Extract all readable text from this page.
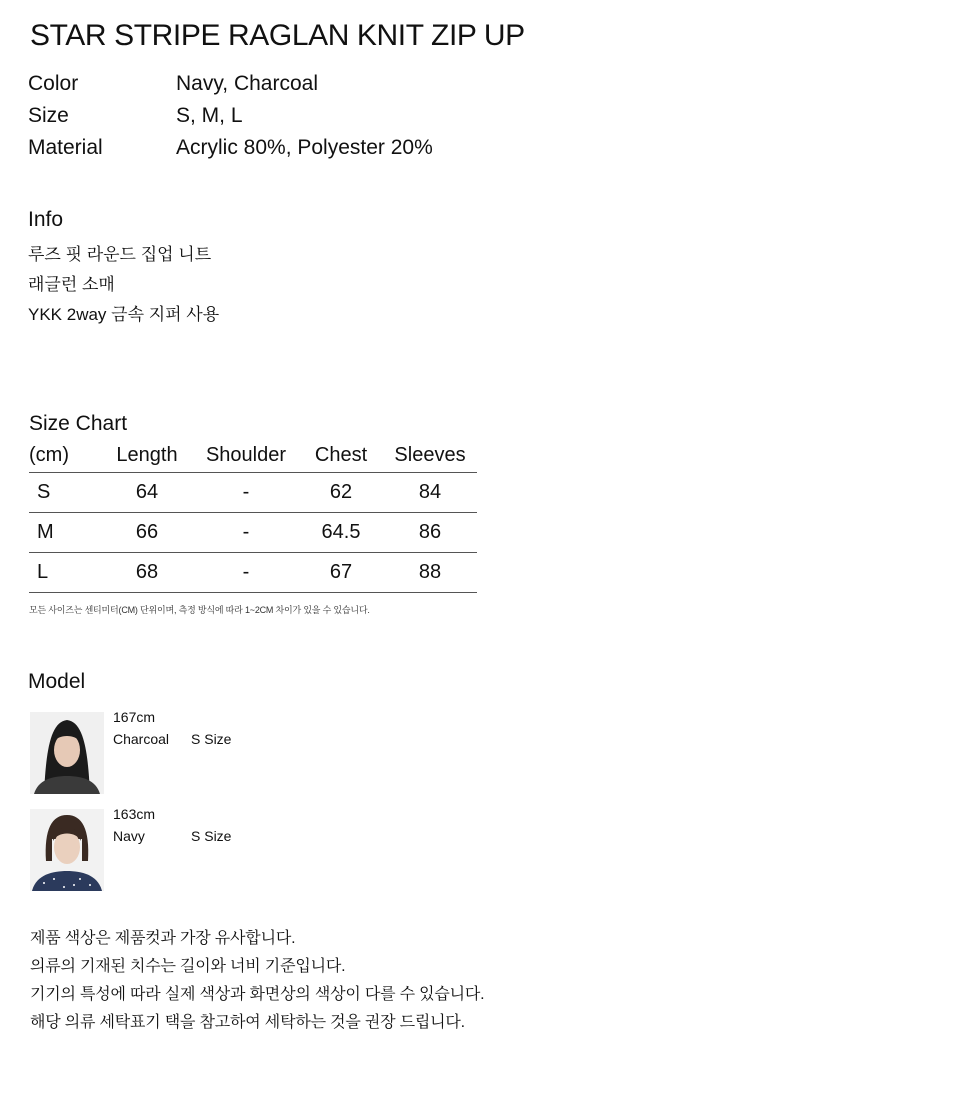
STAR STRIPE RAGLAN KNIT ZIP UP
Color	Navy, Charcoal
Size	S, M, L
Material	Acrylic 80%, Polyester 20%
Info
루즈 핏 라운드 집업 니트
래글런 소매
YKK 2way 금속 지퍼 사용
Size Chart
(cm)	Length	Shoulder	Chest	Sleeves
S	64	-	62	84
M	66	-	64.5	86
L	68	-	67	88
모든 사이즈는 센티미터(CM) 단위이며, 측정 방식에 따라 1~2CM 차이가 있을 수 있습니다.
Model
167cm
Charcoal	S Size
163cm
Navy	S Size
제품 색상은 제품컷과 가장 유사합니다.
의류의 기재된 치수는 길이와 너비 기준입니다.
기기의 특성에 따라 실제 색상과 화면상의 색상이 다를 수 있습니다.
해당 의류 세탁표기 택을 참고하여 세탁하는 것을 권장 드립니다.
